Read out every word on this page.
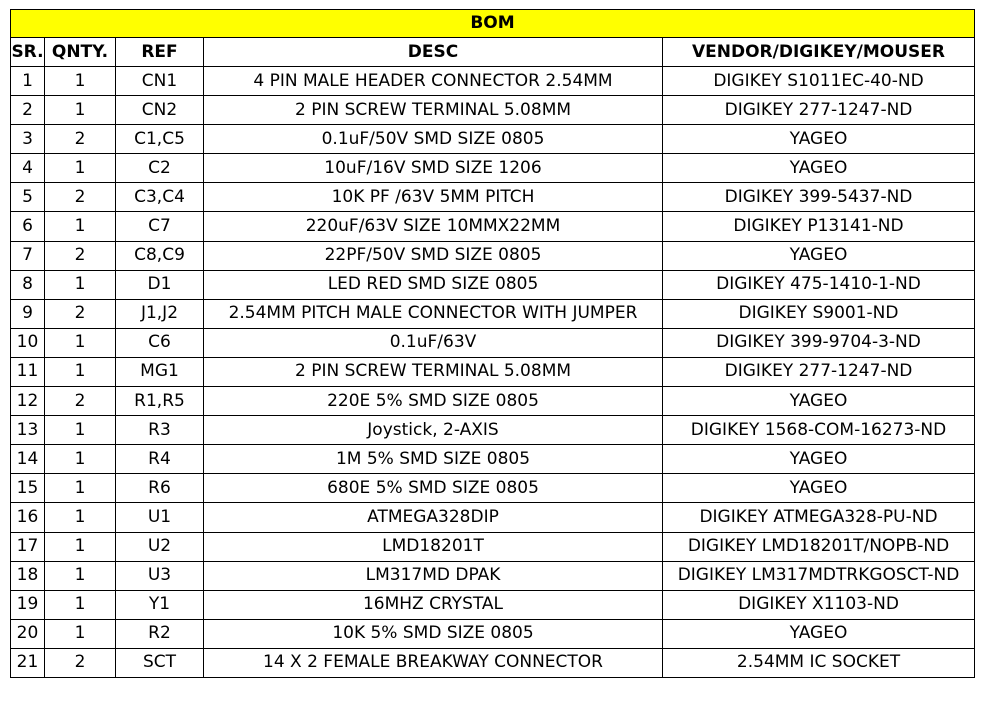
BOM				
SR.	QNTY.	REF	DESC	VENDOR/DIGIKEY/MOUSER
1	1	CN1	4 PIN MALE HEADER CONNECTOR 2.54MM	DIGIKEY S1011EC-40-ND
2	1	CN2	2 PIN SCREW TERMINAL 5.08MM	DIGIKEY 277-1247-ND
3	2	C1,C5	0.1uF/50V SMD SIZE 0805	YAGEO
4	1	C2	10uF/16V SMD SIZE 1206	YAGEO
5	2	C3,C4	10K PF /63V 5MM PITCH	DIGIKEY 399-5437-ND
6	1	C7	220uF/63V SIZE 10MMX22MM	DIGIKEY P13141-ND
7	2	C8,C9	22PF/50V SMD SIZE 0805	YAGEO
8	1	D1	LED RED SMD SIZE 0805	DIGIKEY 475-1410-1-ND
9	2	J1,J2	2.54MM PITCH MALE CONNECTOR WITH JUMPER	DIGIKEY S9001-ND
10	1	C6	0.1uF/63V	DIGIKEY 399-9704-3-ND
11	1	MG1	2 PIN SCREW TERMINAL 5.08MM	DIGIKEY 277-1247-ND
12	2	R1,R5	220E 5% SMD SIZE 0805	YAGEO
13	1	R3	Joystick, 2-AXIS	DIGIKEY 1568-COM-16273-ND
14	1	R4	1M 5% SMD SIZE 0805	YAGEO
15	1	R6	680E 5% SMD SIZE 0805	YAGEO
16	1	U1	ATMEGA328DIP	DIGIKEY ATMEGA328-PU-ND
17	1	U2	LMD18201T	DIGIKEY LMD18201T/NOPB-ND
18	1	U3	LM317MD DPAK	DIGIKEY LM317MDTRKGOSCT-ND
19	1	Y1	16MHZ CRYSTAL	DIGIKEY X1103-ND
20	1	R2	10K 5% SMD SIZE 0805	YAGEO
21	2	SCT	14 X 2 FEMALE BREAKWAY CONNECTOR	2.54MM IC SOCKET
